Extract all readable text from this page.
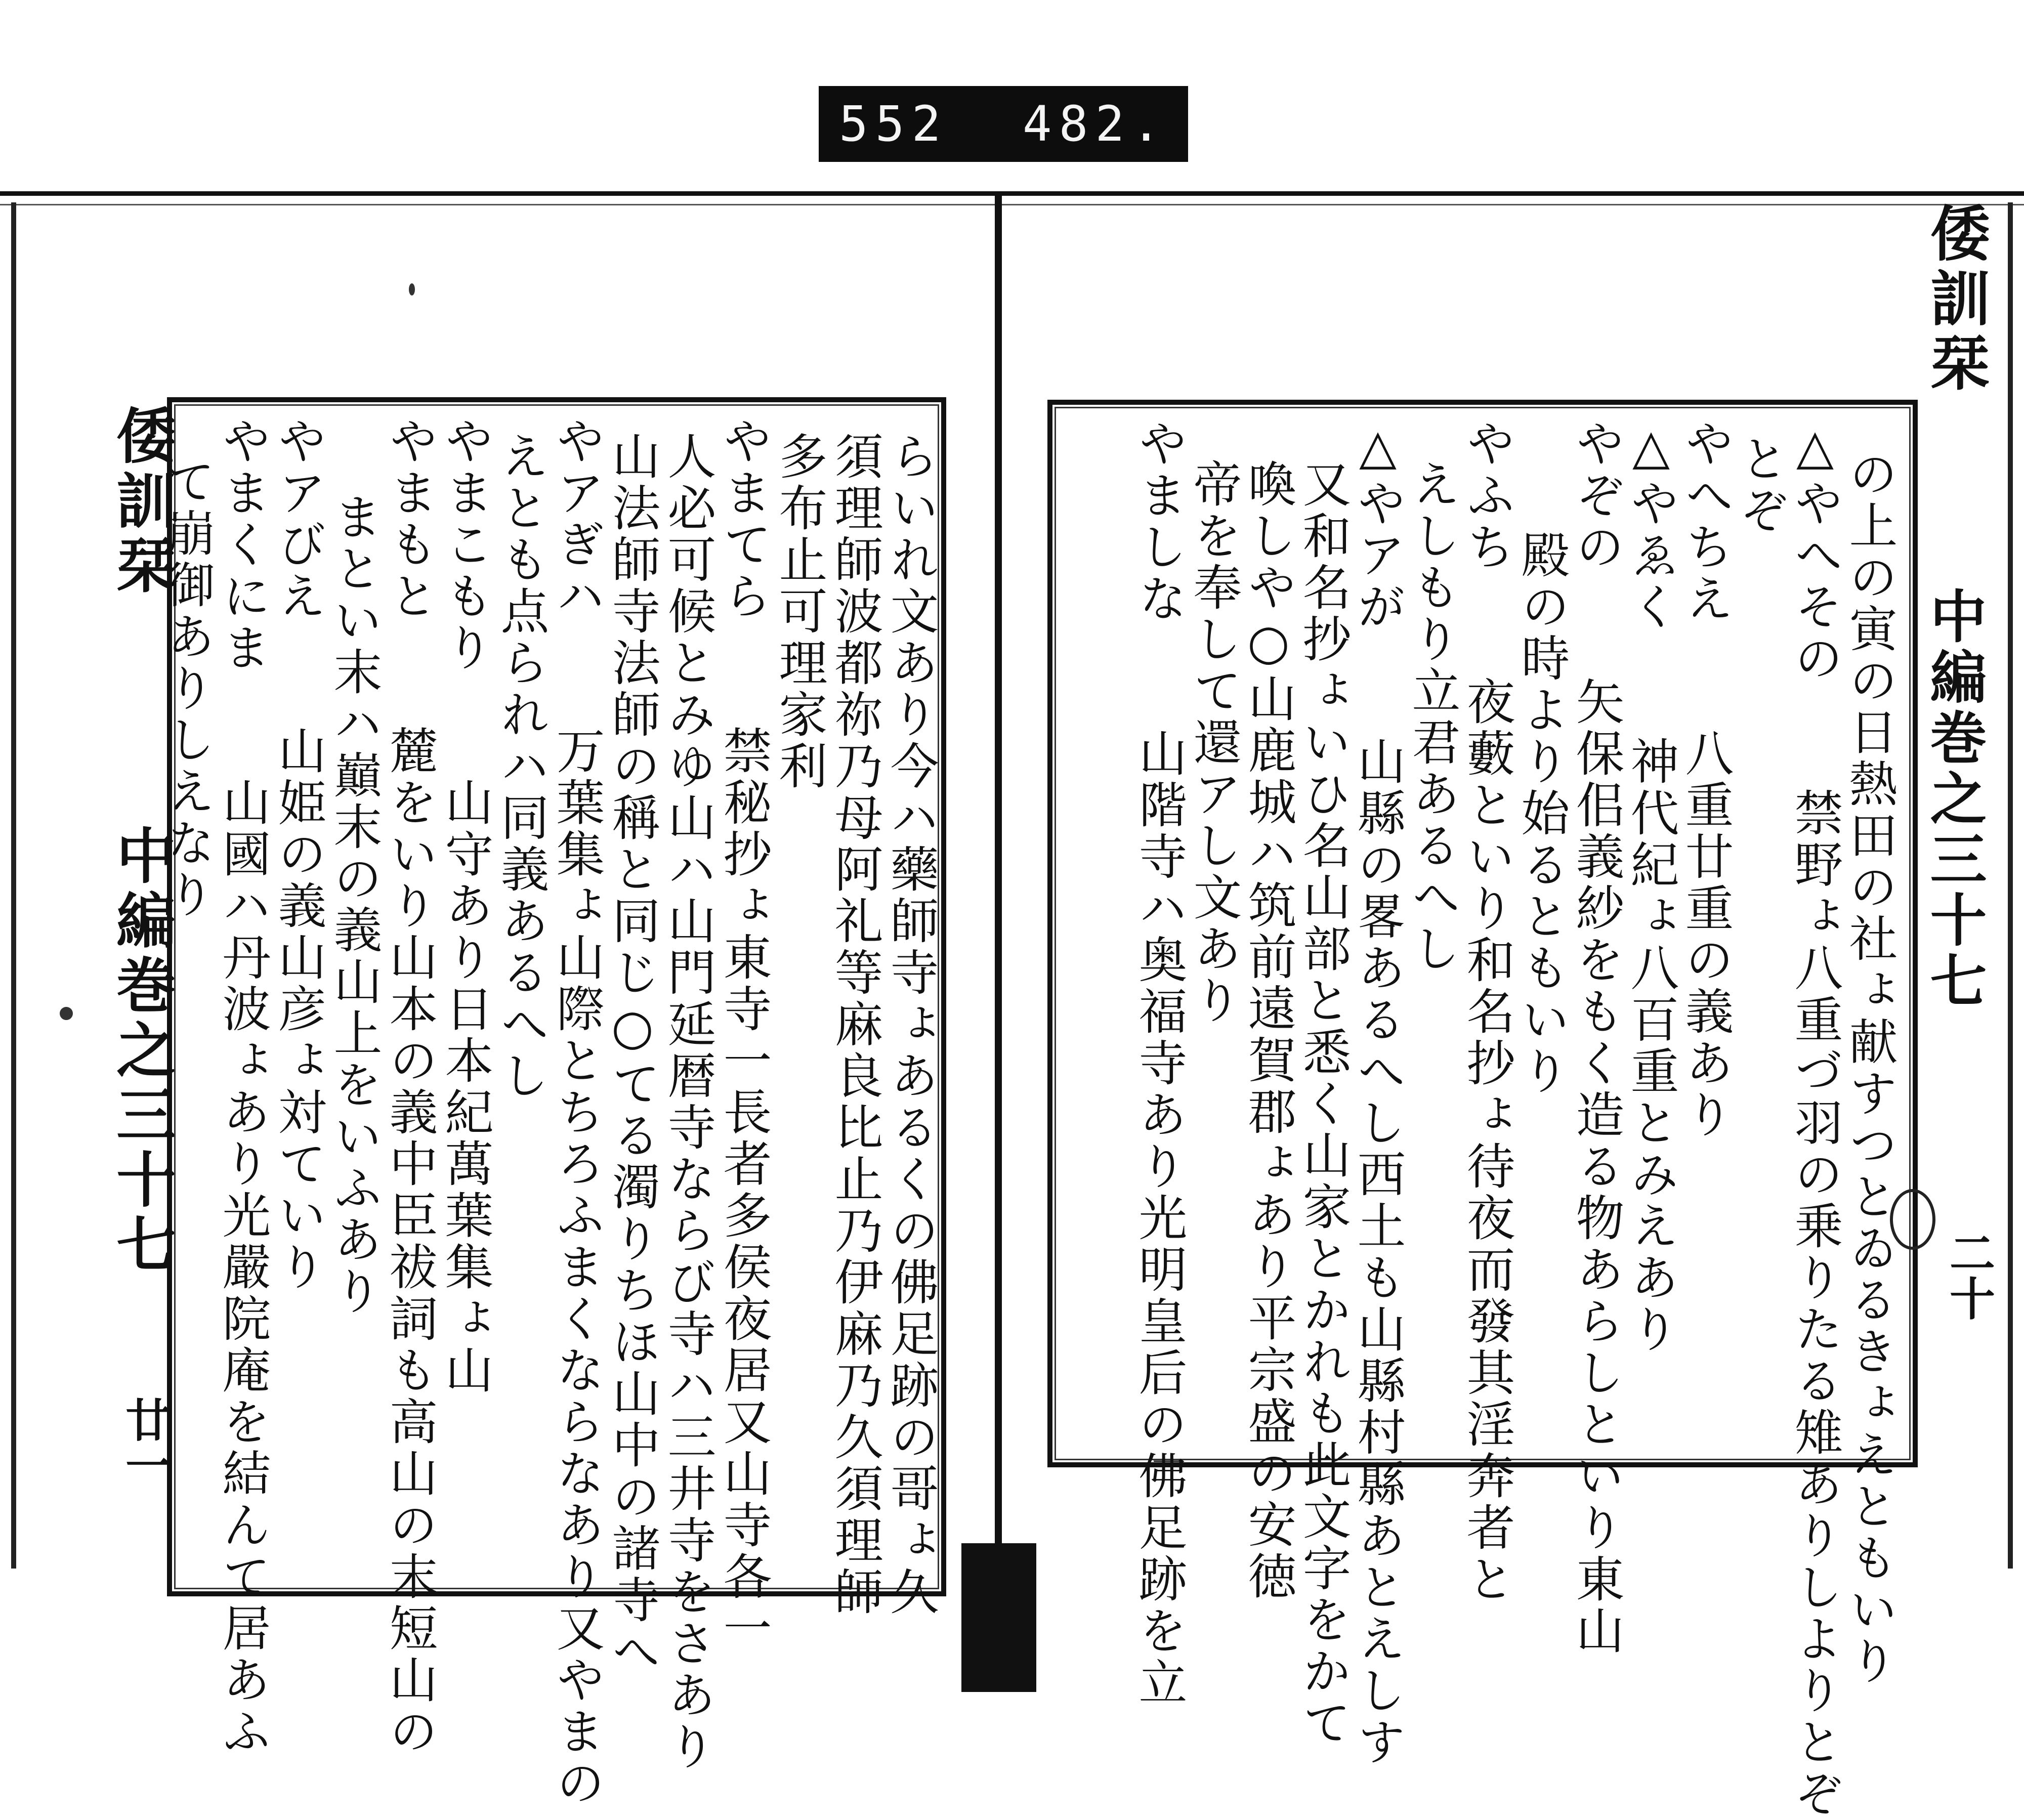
552 482.
倭訓栞
中編巻之三十七
廿一	らいれ文あり今ハ藥師寺ょあるくの佛足跡の哥ょ久
須理師波都祢乃母阿礼等麻良比止乃伊麻乃久須理師
多布止可理家利
やまてら　　禁秘抄ょ東寺一長者多侯夜居又山寺各一
人必可候とみゆ山ハ山門延暦寺ならび寺ハ三井寺をさあり
山法師寺法師の稱と同じ○てる濁りちほ山中の諸寺へ
やアぎハ　　万葉集ょ山際とちろふまくならなあり又やまの
えとも点られハ同義あるへし
やまこもり　　山守あり日本紀萬葉集ょ山
やまもと　　麓をいり山本の義中臣祓詞も高山の末短山の
まとい末ハ巔末の義山上をいふあり
やアびえ　　山姫の義山彦ょ対ていり
やまくにま　　山國ハ丹波ょあり光嚴院庵を結んて居あふ
て崩御ありしえなり	の上の寅の日熱田の社ょ献すつとゐるきょえともいり
△やへその　　禁野ょ八重づ羽の乗りたる雉ありしよりとぞ
とぞ
やへちえ　　八重廿重の義あり
△やゑく　　神代紀ょ八百重とみえあり
やぞの　　矢保佀義紗をもく造る物あらしといり東山
殿の時より始るともいり
やふち　　夜藪といり和名抄ょ待夜而發其淫奔者と
えしもり立君あるへし
△やアが　　山縣の畧あるへし西土も山縣村縣あとえしす
又和名抄ょいひ名山部と悉く山家とかれも此文字をかて
喚しや○山鹿城ハ筑前遠賀郡ょあり平宗盛の安徳
帝を奉して還アし文あり
やましな　　山階寺ハ奥福寺あり光明皇后の佛足跡を立
倭訓栞
中編巻之三十七
二十
